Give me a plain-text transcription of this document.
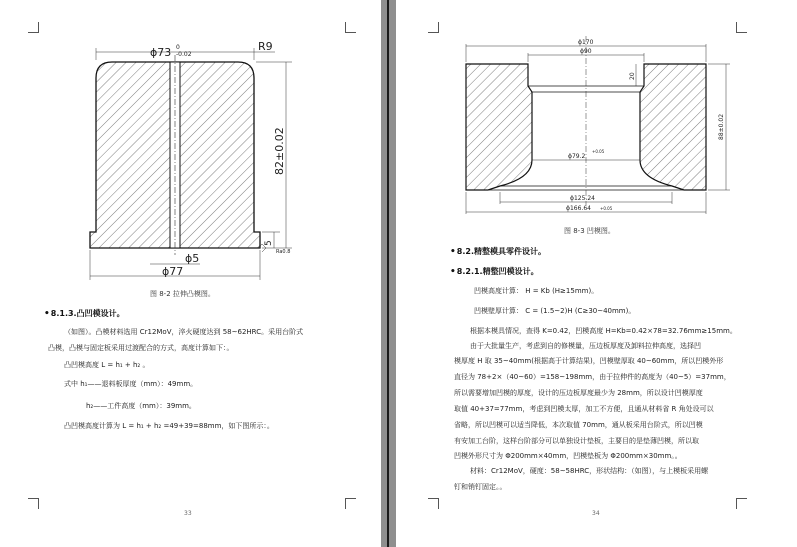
ϕ73 0
-0.02
R9
82±0.02
5
Ra0.8
ϕ5
ϕ77
图 8-2 拉伸凸模图。
•8.1.3.凸凹模设计。
（如图）。凸模材料选用 Cr12MoV，淬火硬度达到 58~62HRC。采用台阶式
凸模，凸模与固定板采用过渡配合的方式，高度计算如下：。
凸凹模高度 L = h₁ + h₂ 。
式中 h₁——退料板厚度（mm）：49mm。
h₂——工件高度（mm）：39mm。
凸凹模高度计算为 L = h₁ + h₂ =49+39=88mm，如下图所示：。
33
ϕ170
ϕ90
20
88±0.02
ϕ79.2
+0.05
ϕ125.24
ϕ166.64 +0.05
图 8-3 凹模图。
•8.2.精整模具零件设计。
•8.2.1.精整凹模设计。
凹模高度计算： H = Kb (H≥15mm)。
凹模壁厚计算： C = (1.5~2)H (C≥30~40mm)。
根据本模具情况，查得 K=0.42，凹模高度 H=Kb=0.42×78=32.76mm≥15mm。
由于大批量生产，考虑到自的修模量，压边板厚度及卸料拉伸高度，选择凹
模厚度 H 取 35~40mm(根据高于计算结果)，凹模壁厚取 40~60mm，所以凹模外形
直径为 78+2×（40~60）=158~198mm，由于拉伸件的高度为（40~5）=37mm，
所以需要增加凹模的厚度，设计的压边板厚度最少为 28mm，所以设计凹模厚度
取值 40+37=77mm，考虑到凹模太厚，加工不方便，且通从材料省 R 角处设可以
省略，所以凹模可以适当降低，本次取值 70mm，通从板采用台阶式，所以凹模
有安加工台阶，这样台阶部分可以单独设计垫板，主要目的是垫薄凹模，所以取
凹模外形尺寸为 Φ200mm×40mm，凹模垫板为 Φ200mm×30mm。。
材料：Cr12MoV，硬度：58~58HRC，形状结构：（如图），与上模板采用螺
钉和销钉固定。。
34
